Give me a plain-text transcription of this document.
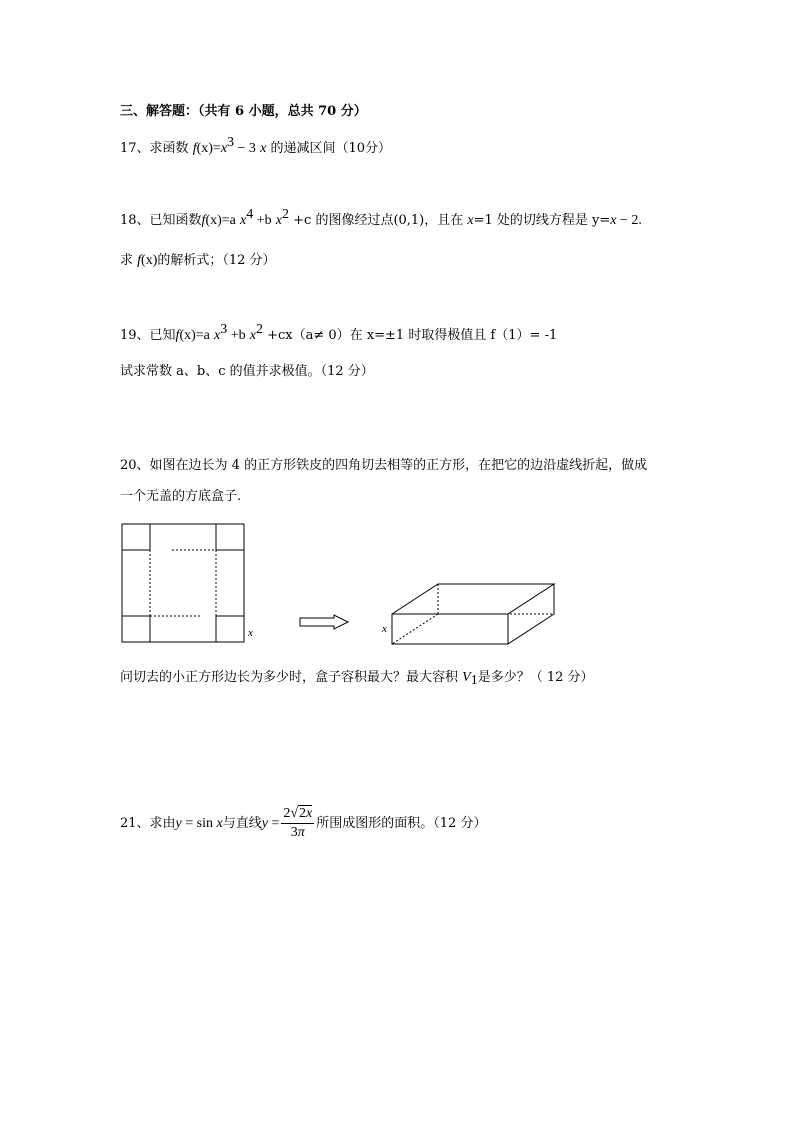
三、解答题：（共有 6 小题，总共 70 分）
17、求函数 $f(x)=x^3 - 3$ x 的递减区间（10分）
18、已知函数f(x)=a $x^4 +b$ $x^2 +c$ 的图像经过点(0,1)，且在 x=1 处的切线方程是 y=x − 2.
求 f(x)的解析式；（12 分）
19、已知f(x)=a $x^3 +b$ $x^2 +cx(a\ne 0)$在 x=±1 时取得极值且 f（1）= -1
试求常数 a、b、c 的值并求极值。（12 分）
20、如图在边长为 4 的正方形铁皮的四角切去相等的正方形，在把它的边沿虚线折起，做成
一个无盖的方底盒子.
x	x
问切去的小正方形边长为多少时，盒子容积最大？最大容积 $V_1$是多少？（ 12 分）
21、求由y = sin x与直线$y = \frac{2√2x}{3\pi}$ 所围成图形的面积。（12 分）
